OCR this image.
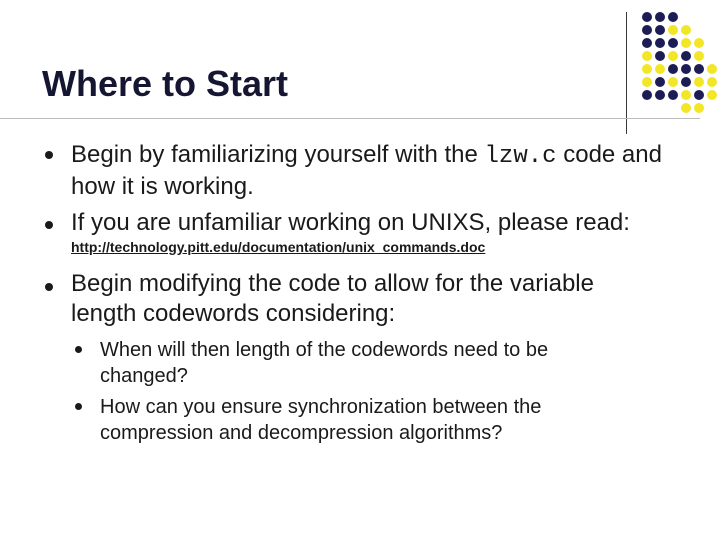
Where to Start

Begin by familiarizing yourself with the lzw.c code and how it is working.

If you are unfamiliar working on UNIXS, please read:

http://technology.pitt.edu/documentation/unix_commands.doc

Begin modifying the code to allow for the variable length codewords considering:

When will then length of the codewords need to be changed?

How can you ensure synchronization between the compression and decompression algorithms?
